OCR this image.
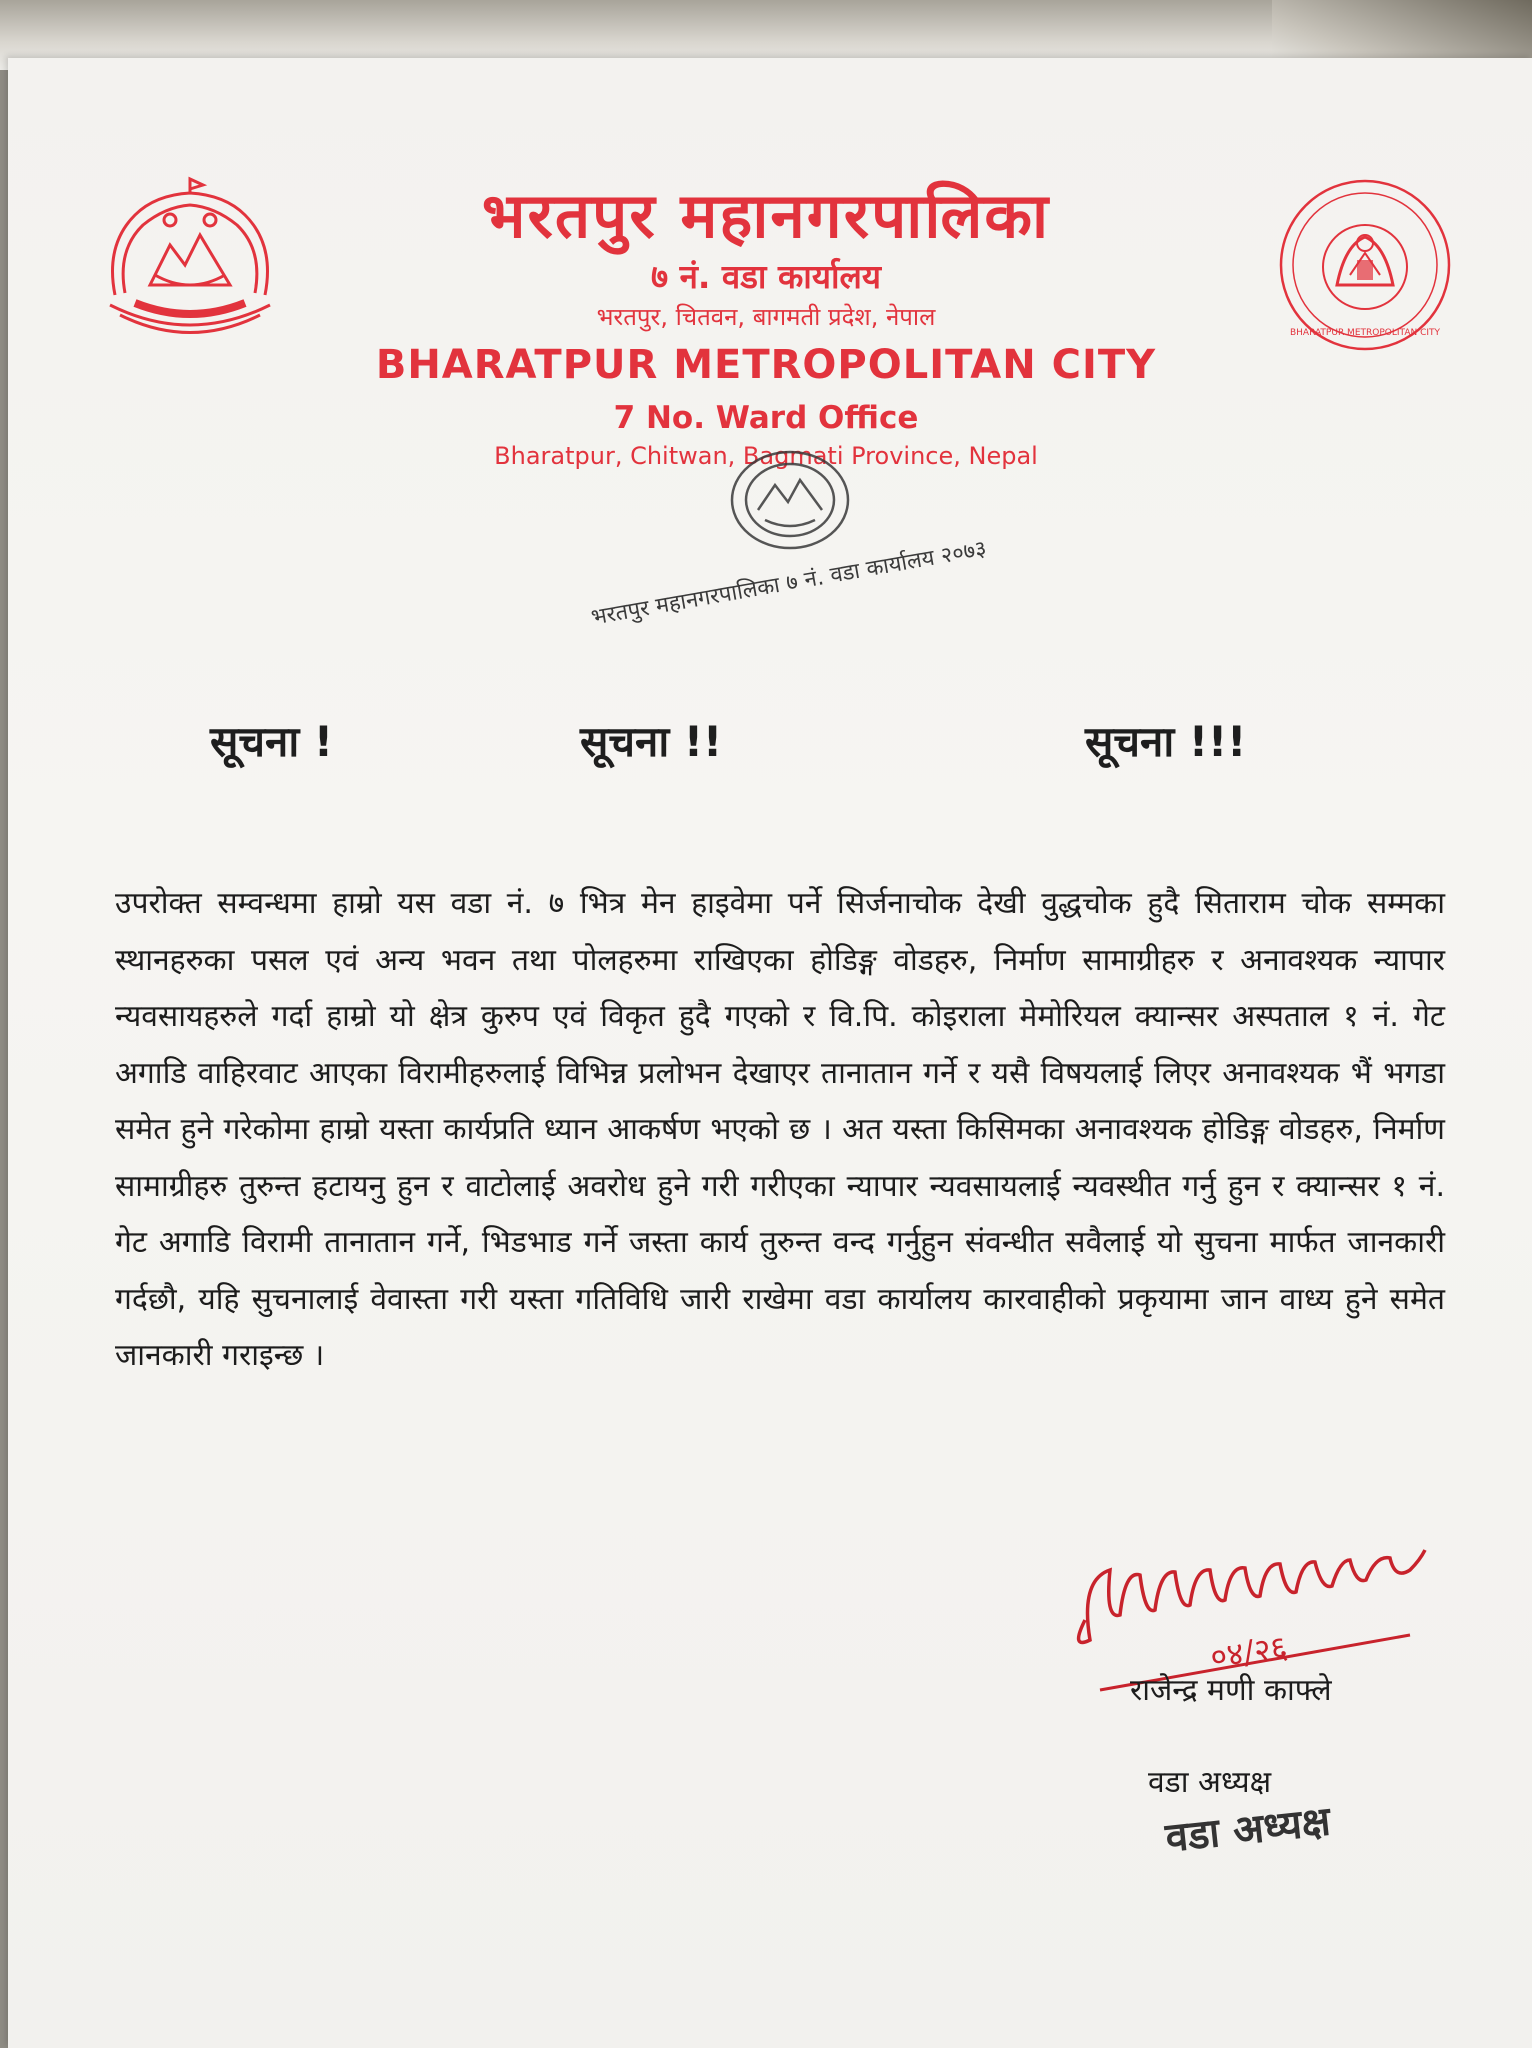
BHARATPUR METROPOLITAN CITY
भरतपुर महानगरपालिका
७ नं. वडा कार्यालय
भरतपुर, चितवन, बागमती प्रदेश, नेपाल
BHARATPUR METROPOLITAN CITY
7 No. Ward Office
Bharatpur, Chitwan, Bagmati Province, Nepal
भरतपुर महानगरपालिका ७ नं. वडा कार्यालय २०७३
सूचना !	सूचना !!	सूचना !!!
उपरोक्त सम्वन्धमा हाम्रो यस वडा नं. ७ भित्र मेन हाइवेमा पर्ने सिर्जनाचोक देखी वुद्धचोक हुदै सिताराम चोक सम्मका स्थानहरुका पसल एवं अन्य भवन तथा पोलहरुमा राखिएका होडिङ्ग वोडहरु, निर्माण सामाग्रीहरु र अनावश्यक न्यापार न्यवसायहरुले गर्दा हाम्रो यो क्षेत्र कुरुप एवं विकृत हुदै गएको र वि.पि. कोइराला मेमोरियल क्यान्सर अस्पताल १ नं. गेट अगाडि वाहिरवाट आएका विरामीहरुलाई विभिन्न प्रलोभन देखाएर तानातान गर्ने र यसै विषयलाई लिएर अनावश्यक भैं भगडा समेत हुने गरेकोमा हाम्रो यस्ता कार्यप्रति ध्यान आकर्षण भएको छ । अत यस्ता किसिमका अनावश्यक होडिङ्ग वोडहरु, निर्माण सामाग्रीहरु तुरुन्त हटायनु हुन र वाटोलाई अवरोध हुने गरी गरीएका न्यापार न्यवसायलाई न्यवस्थीत गर्नु हुन र क्यान्सर १ नं. गेट अगाडि विरामी तानातान गर्ने, भिडभाड गर्ने जस्ता कार्य तुरुन्त वन्द गर्नुहुन संवन्धीत सवैलाई यो सुचना मार्फत जानकारी गर्दछौ, यहि सुचनालाई वेवास्ता गरी यस्ता गतिविधि जारी राखेमा वडा कार्यालय कारवाहीको प्रकृयामा जान वाध्य हुने समेत जानकारी गराइन्छ ।
०४/२६
राजेन्द्र मणी काफ्ले
वडा अध्यक्ष
वडा अध्यक्ष
